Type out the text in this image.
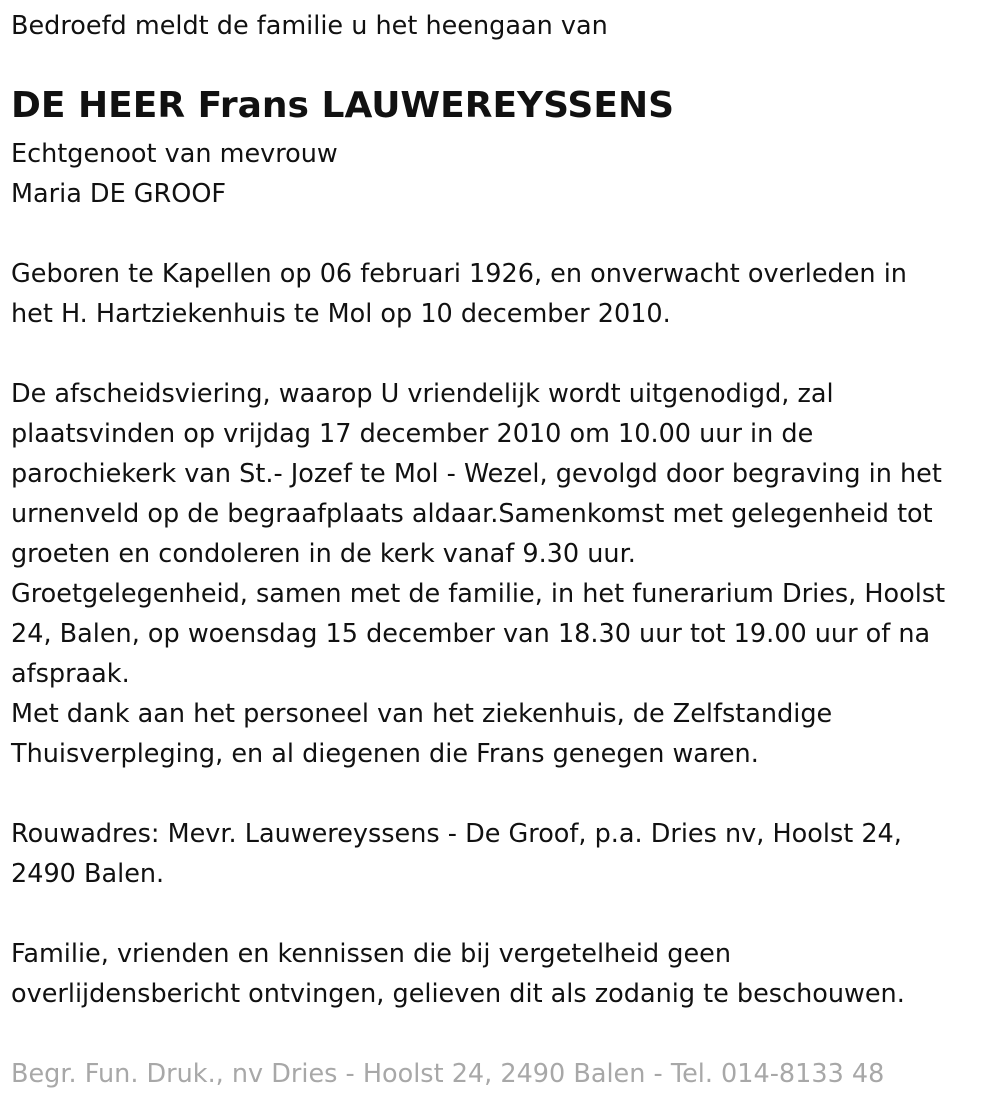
Bedroefd meldt de familie u het heengaan van
DE HEER Frans LAUWEREYSSENS
Echtgenoot van mevrouw
Maria DE GROOF
Geboren te Kapellen op 06 februari 1926, en onverwacht overleden in
het H. Hartziekenhuis te Mol op 10 december 2010.
De afscheidsviering, waarop U vriendelijk wordt uitgenodigd, zal
plaatsvinden op vrijdag 17 december 2010 om 10.00 uur in de
parochiekerk van St.- Jozef te Mol - Wezel, gevolgd door begraving in het
urnenveld op de begraafplaats aldaar.Samenkomst met gelegenheid tot
groeten en condoleren in de kerk vanaf 9.30 uur.
Groetgelegenheid, samen met de familie, in het funerarium Dries, Hoolst
24, Balen, op woensdag 15 december van 18.30 uur tot 19.00 uur of na
afspraak.
Met dank aan het personeel van het ziekenhuis, de Zelfstandige
Thuisverpleging, en al diegenen die Frans genegen waren.
Rouwadres: Mevr. Lauwereyssens - De Groof, p.a. Dries nv, Hoolst 24,
2490 Balen.
Familie, vrienden en kennissen die bij vergetelheid geen
overlijdensbericht ontvingen, gelieven dit als zodanig te beschouwen.
Begr. Fun. Druk., nv Dries - Hoolst 24, 2490 Balen - Tel. 014-8133 48
